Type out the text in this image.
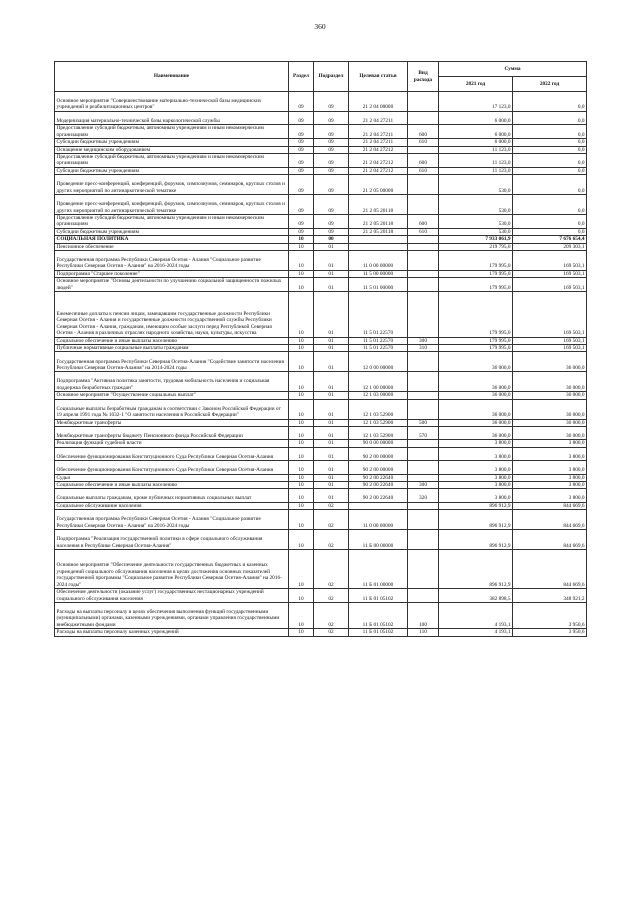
360
Наименование	Раздел	Подраздел	Целевая статья	Вид расхода	Сумма	
					2021 год	2022 год
Основное мероприятие "Совершенствование материально-технической базы медицинских учреждений и реабилитационных центров"	09	09	21 2 04 00000		17 123,0	0,0
Модернизация материально-технической базы наркологической службы	09	09	21 2 04 27211		6 000,0	0,0
Предоставление субсидий бюджетным, автономным учреждениям и иным некоммерческим организациям	09	09	21 2 04 27211	600	6 000,0	0,0
Субсидии бюджетным учреждениям	09	09	21 2 04 27211	610	6 000,0	0,0
Оснащение медицинским оборудованием	09	09	21 2 04 27212		11 123,0	0,0
Предоставление субсидий бюджетным, автономным учреждениям и иным некоммерческим организациям	09	09	21 2 04 27212	600	11 123,0	0,0
Субсидии бюджетным учреждениям	09	09	21 2 04 27212	610	11 123,0	0,0
Проведение пресс-конференций, конференций, форумов, симпозиумов, семинаров, круглых столов и других мероприятий по антинаркотической тематике	09	09	21 2 05 00000		530,0	0,0
Проведение пресс-конференций, конференций, форумов, симпозиумов, семинаров, круглых столов и других мероприятий по антинаркотической тематике	09	09	21 2 05 20118		530,0	0,0
Предоставление субсидий бюджетным, автономным учреждениям и иным некоммерческим организациям	09	09	21 2 05 20118	600	530,0	0,0
Субсидии бюджетным учреждениям	09	09	21 2 05 20118	610	530,0	0,0
СОЦИАЛЬНАЯ ПОЛИТИКА	10	00			7 933 061,9	7 676 654,4
Пенсионное обеспечение	10	01			219 795,0	209 303,1
Государственная программа Республики Северная Осетия - Алания "Социальное развитие Республики Северная Осетия - Алания" на 2016-2024 годы	10	01	11 0 00 00000		179 995,0	169 503,1
Подпрограмма "Старшее поколение"	10	01	11 5 00 00000		179 995,0	169 503,1
Основное мероприятие "Основы деятельности по улучшению социальной защищенности пожилых людей"	10	01	11 5 01 00000		179 995,0	169 503,1
Ежемесячные доплаты к пенсии лицам, замещавшим государственные должности Республики Северная Осетия - Алания и государственные должности государственной службы Республики Северная Осетия - Алания, гражданам, имеющим особые заслуги перед Республикой Северная Осетия - Алания в различных отраслях народного хозяйства, науки, культуры, искусства	10	01	11 5 01 22570		179 995,0	169 503,1
Социальное обеспечение и иные выплаты населению	10	01	11 5 01 22570	300	179 995,0	169 503,1
Публичные нормативные социальные выплаты гражданам	10	01	11 5 01 22570	310	179 995,0	169 503,1
Государственная программа Республики Северная Осетия-Алания "Содействие занятости населения Республики Северная Осетия-Алания" на 2014-2024 годы	10	01	12 0 00 00000		36 000,0	36 000,0
Подпрограмма "Активная политика занятости, трудовая мобильность населения и социальная поддержка безработных граждан"	10	01	12 1 00 00000		36 000,0	36 000,0
Основное мероприятие "Осуществление социальных выплат"	10	01	12 1 03 00000		36 000,0	36 000,0
Социальные выплаты безработным гражданам в соответствии с Законом Российской Федерации от 19 апреля 1991 года № 1032-1 "О занятости населения в Российской Федерации"	10	01	12 1 03 52900		36 000,0	36 000,0
Межбюджетные трансферты	10	01	12 1 03 52900	500	36 000,0	36 000,0
Межбюджетные трансферты бюджету Пенсионного фонда Российской Федерации	10	01	12 1 03 52900	570	36 000,0	36 000,0
Реализация функций судебной власти	10	01	90 0 00 00000		3 800,0	3 800,0
Обеспечение функционирования Конституционного Суда Республики Северная Осетия-Алания	10	01	90 2 00 00000		3 800,0	3 800,0
Обеспечение функционирования Конституционного Суда Республики Северная Осетия-Алания	10	01	90 2 00 00000		3 800,0	3 800,0
Судьи	10	01	90 2 00 22640		3 800,0	3 800,0
Социальное обеспечение и иные выплаты населению	10	01	90 2 00 22640	300	3 800,0	3 800,0
Социальные выплаты гражданам, кроме публичных нормативных социальных выплат	10	01	90 2 00 22640	320	3 800,0	3 800,0
Социальное обслуживание населения	10	02			896 912,9	844 669,6
Государственная программа Республики Северная Осетия - Алания "Социальное развитие Республики Северная Осетия - Алания" на 2016-2024 годы	10	02	11 0 00 00000		896 912,9	844 669,6
Подпрограмма "Реализация государственной политики в сфере социального обслуживания населения в Республике Северная Осетия-Алания"	10	02	11 Б 00 00000		896 912,9	844 669,6
Основное мероприятие "Обеспечение деятельности государственных бюджетных и казенных учреждений социального обслуживания населения в целях достижения основных показателей государственной программы "Социальное развитие Республики Северная Осетия-Алания" на 2016-2024 годы"	10	02	11 Б 01 00000		896 912,9	844 669,6
Обеспечение деятельности (оказание услуг) государственных нестационарных учреждений социального обслуживания населения	10	02	11 Б 01 05102		382 898,5	348 921,2
Расходы на выплаты персоналу в целях обеспечения выполнения функций государственными (муниципальными) органами, казенными учреждениями, органами управления государственными внебюджетными фондами	10	02	11 Б 01 05102	100	4 193,1	3 950,6
Расходы на выплаты персоналу казенных учреждений	10	02	11 Б 01 05102	110	4 193,1	3 950,6
